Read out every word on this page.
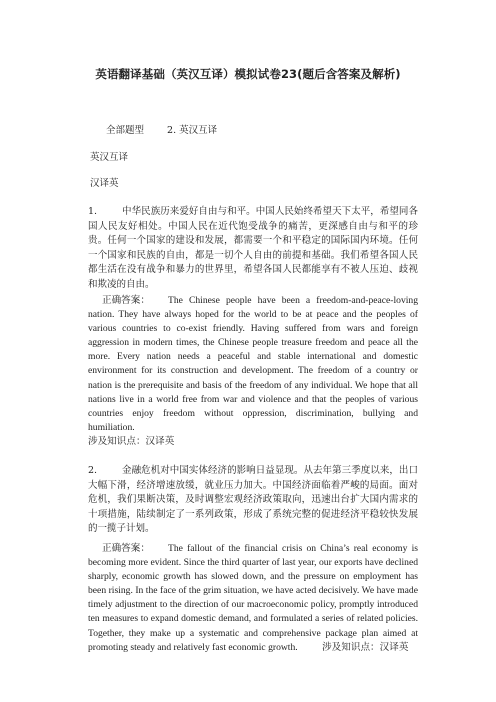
英语翻译基础（英汉互译）模拟试卷23(题后含答案及解析)
全部题型 2. 英汉互译
英汉互译
汉译英
1.	中华民族历来爱好自由与和平。中国人民始终希望天下太平，希望同各国人民友好相处。中国人民在近代饱受战争的痛苦，更深感自由与和平的珍贵。任何一个国家的建设和发展，都需要一个和平稳定的国际国内环境。任何一个国家和民族的自由，都是一切个人自由的前提和基础。我们希望各国人民都生活在没有战争和暴力的世界里，希望各国人民都能享有不被人压迫、歧视和欺凌的自由。
正确答案： The Chinese people have been a freedom-and-peace-loving nation. They have always hoped for the world to be at peace and the peoples of various countries to co-exist friendly. Having suffered from wars and foreign aggression in modern times, the Chinese people treasure freedom and peace all the more. Every nation needs a peaceful and stable international and domestic environment for its construction and development. The freedom of a country or nation is the prerequisite and basis of the freedom of any individual. We hope that all nations live in a world free from war and violence and that the peoples of various countries enjoy freedom without oppression, discrimination, bullying and humiliation.
涉及知识点：汉译英
2.	金融危机对中国实体经济的影响日益显现。从去年第三季度以来，出口大幅下滑，经济增速放缓，就业压力加大。中国经济面临着严峻的局面。面对危机，我们果断决策，及时调整宏观经济政策取向，迅速出台扩大国内需求的十项措施，陆续制定了一系列政策，形成了系统完整的促进经济平稳较快发展的一揽子计划。
正确答案： The fallout of the financial crisis on China’s real economy is becoming more evident. Since the third quarter of last year, our exports have declined sharply, economic growth has slowed down, and the pressure on employment has been rising. In the face of the grim situation, we have acted decisively. We have made timely adjustment to the direction of our macroeconomic policy, promptly introduced ten measures to expand domestic demand, and formulated a series of related policies. Together, they make up a systematic and comprehensive package plan aimed at promoting steady and relatively fast economic growth.	涉及知识点：汉译英
